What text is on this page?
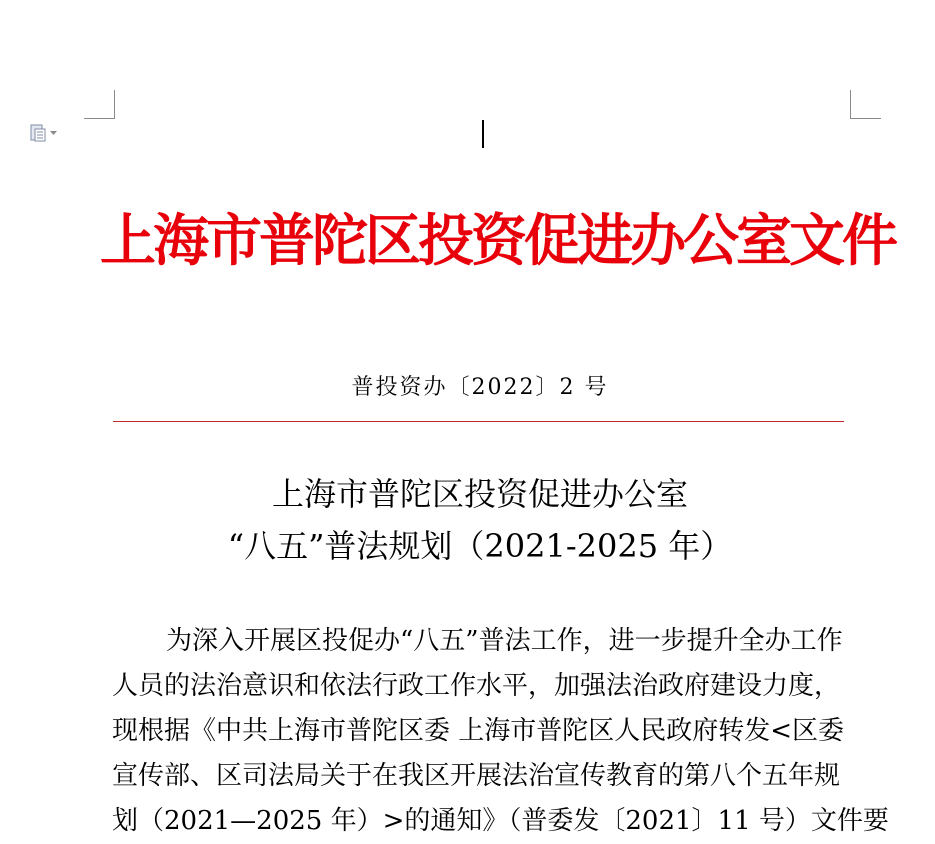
上海市普陀区投资促进办公室文件
普投资办〔2022〕2 号
上海市普陀区投资促进办公室
“八五”普法规划（2021-2025 年）
为深入开展区投促办“八五”普法工作，进一步提升全办工作
人员的法治意识和依法行政工作水平，加强法治政府建设力度，
现根据《中共上海市普陀区委 上海市普陀区人民政府转发<区委
宣传部、区司法局关于在我区开展法治宣传教育的第八个五年规
划（2021—2025 年）>的通知》（普委发〔2021〕11 号）文件要
